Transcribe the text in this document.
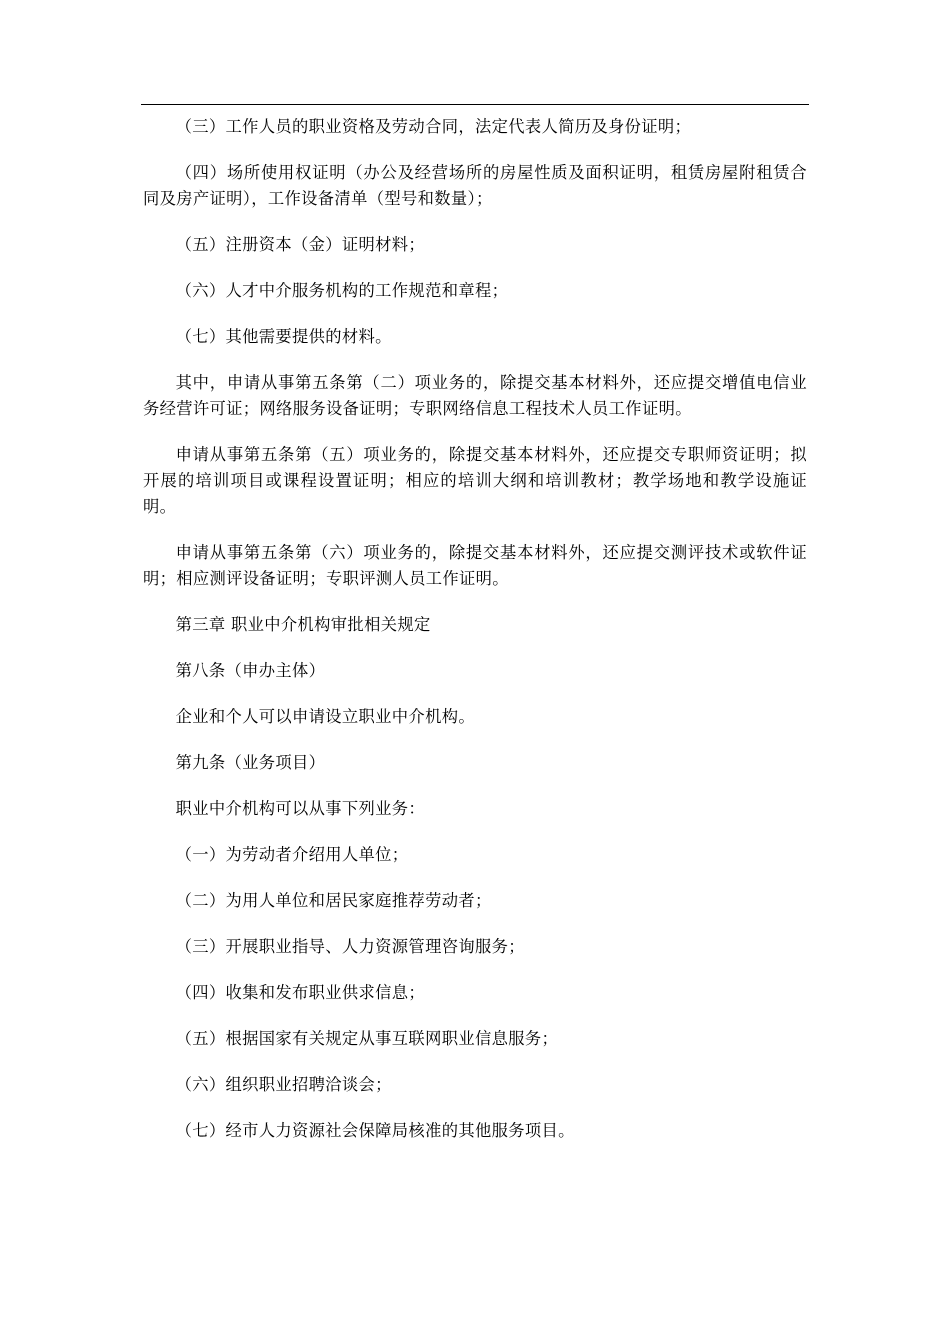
（三）工作人员的职业资格及劳动合同，法定代表人简历及身份证明；

（四）场所使用权证明（办公及经营场所的房屋性质及面积证明，租赁房屋附租赁合同及房产证明），工作设备清单（型号和数量）；

（五）注册资本（金）证明材料；

（六）人才中介服务机构的工作规范和章程；

（七）其他需要提供的材料。

其中，申请从事第五条第（二）项业务的，除提交基本材料外，还应提交增值电信业务经营许可证；网络服务设备证明；专职网络信息工程技术人员工作证明。

申请从事第五条第（五）项业务的，除提交基本材料外，还应提交专职师资证明；拟开展的培训项目或课程设置证明；相应的培训大纲和培训教材；教学场地和教学设施证明。

申请从事第五条第（六）项业务的，除提交基本材料外，还应提交测评技术或软件证明；相应测评设备证明；专职评测人员工作证明。

第三章 职业中介机构审批相关规定

第八条（申办主体）

企业和个人可以申请设立职业中介机构。

第九条（业务项目）

职业中介机构可以从事下列业务：

（一）为劳动者介绍用人单位；

（二）为用人单位和居民家庭推荐劳动者；

（三）开展职业指导、人力资源管理咨询服务；

（四）收集和发布职业供求信息；

（五）根据国家有关规定从事互联网职业信息服务；

（六）组织职业招聘洽谈会；

（七）经市人力资源社会保障局核准的其他服务项目。
